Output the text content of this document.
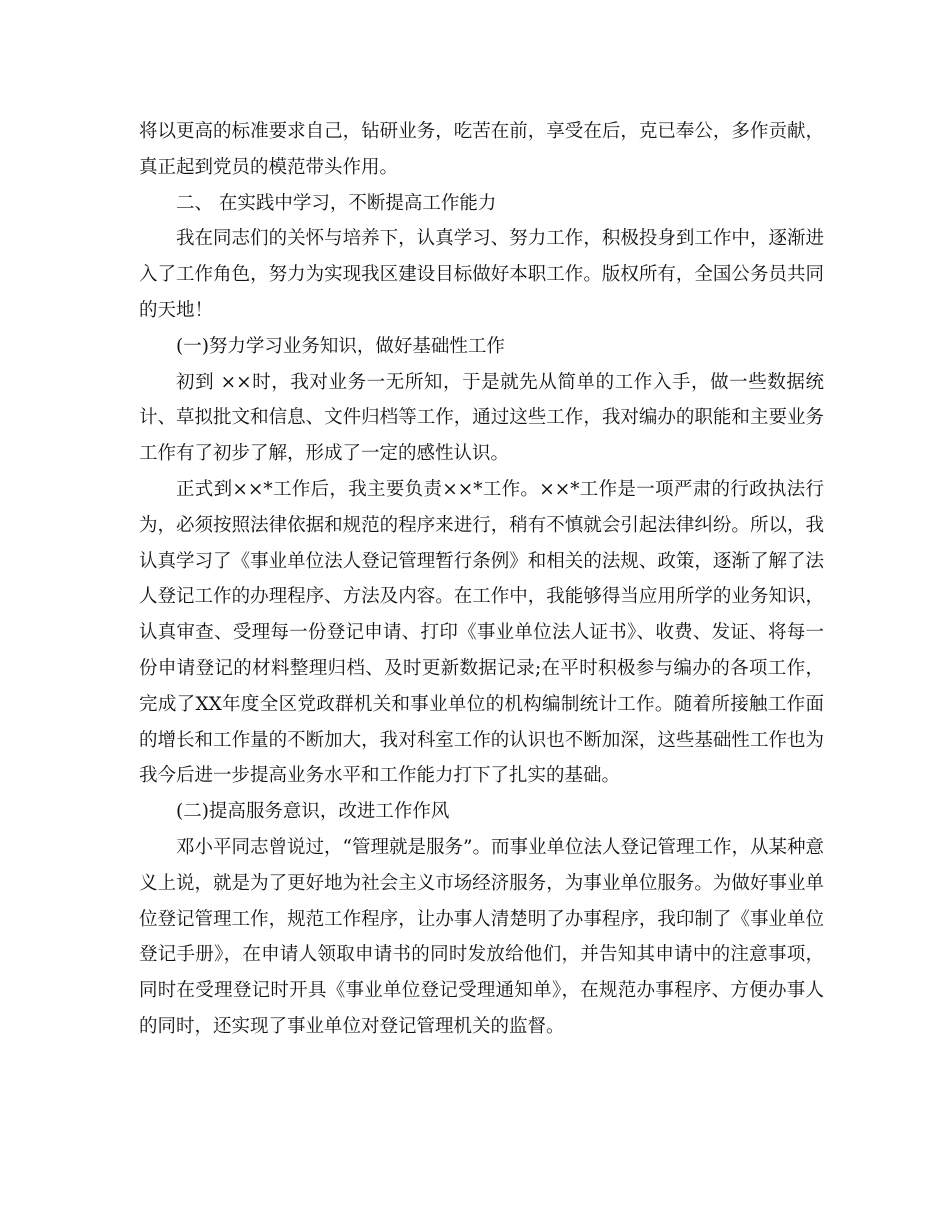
将以更高的标准要求自己，钻研业务，吃苦在前，享受在后，克已奉公，多作贡献，真正起到党员的模范带头作用。

二、 在实践中学习，不断提高工作能力

我在同志们的关怀与培养下，认真学习、努力工作，积极投身到工作中，逐渐进入了工作角色，努力为实现我区建设目标做好本职工作。版权所有，全国公务员共同的天地！

(一)努力学习业务知识，做好基础性工作

初到 ××时，我对业务一无所知，于是就先从简单的工作入手，做一些数据统计、草拟批文和信息、文件归档等工作，通过这些工作，我对编办的职能和主要业务工作有了初步了解，形成了一定的感性认识。

正式到××*工作后，我主要负责××*工作。××*工作是一项严肃的行政执法行为，必须按照法律依据和规范的程序来进行，稍有不慎就会引起法律纠纷。所以，我认真学习了《事业单位法人登记管理暂行条例》和相关的法规、政策，逐渐了解了法人登记工作的办理程序、方法及内容。在工作中，我能够得当应用所学的业务知识，认真审查、受理每一份登记申请、打印《事业单位法人证书》、收费、发证、将每一份申请登记的材料整理归档、及时更新数据记录;在平时积极参与编办的各项工作， 完成了XX年度全区党政群机关和事业单位的机构编制统计工作。随着所接触工作面的增长和工作量的不断加大，我对科室工作的认识也不断加深，这些基础性工作也为我今后进一步提高业务水平和工作能力打下了扎实的基础。

(二)提高服务意识，改进工作作风

邓小平同志曾说过，“管理就是服务”。而事业单位法人登记管理工作，从某种意义上说，就是为了更好地为社会主义市场经济服务，为事业单位服务。为做好事业单位登记管理工作，规范工作程序，让办事人清楚明了办事程序，我印制了《事业单位登记手册》，在申请人领取申请书的同时发放给他们，并告知其申请中的注意事项，同时在受理登记时开具《事业单位登记受理通知单》，在规范办事程序、方便办事人的同时，还实现了事业单位对登记管理机关的监督。
